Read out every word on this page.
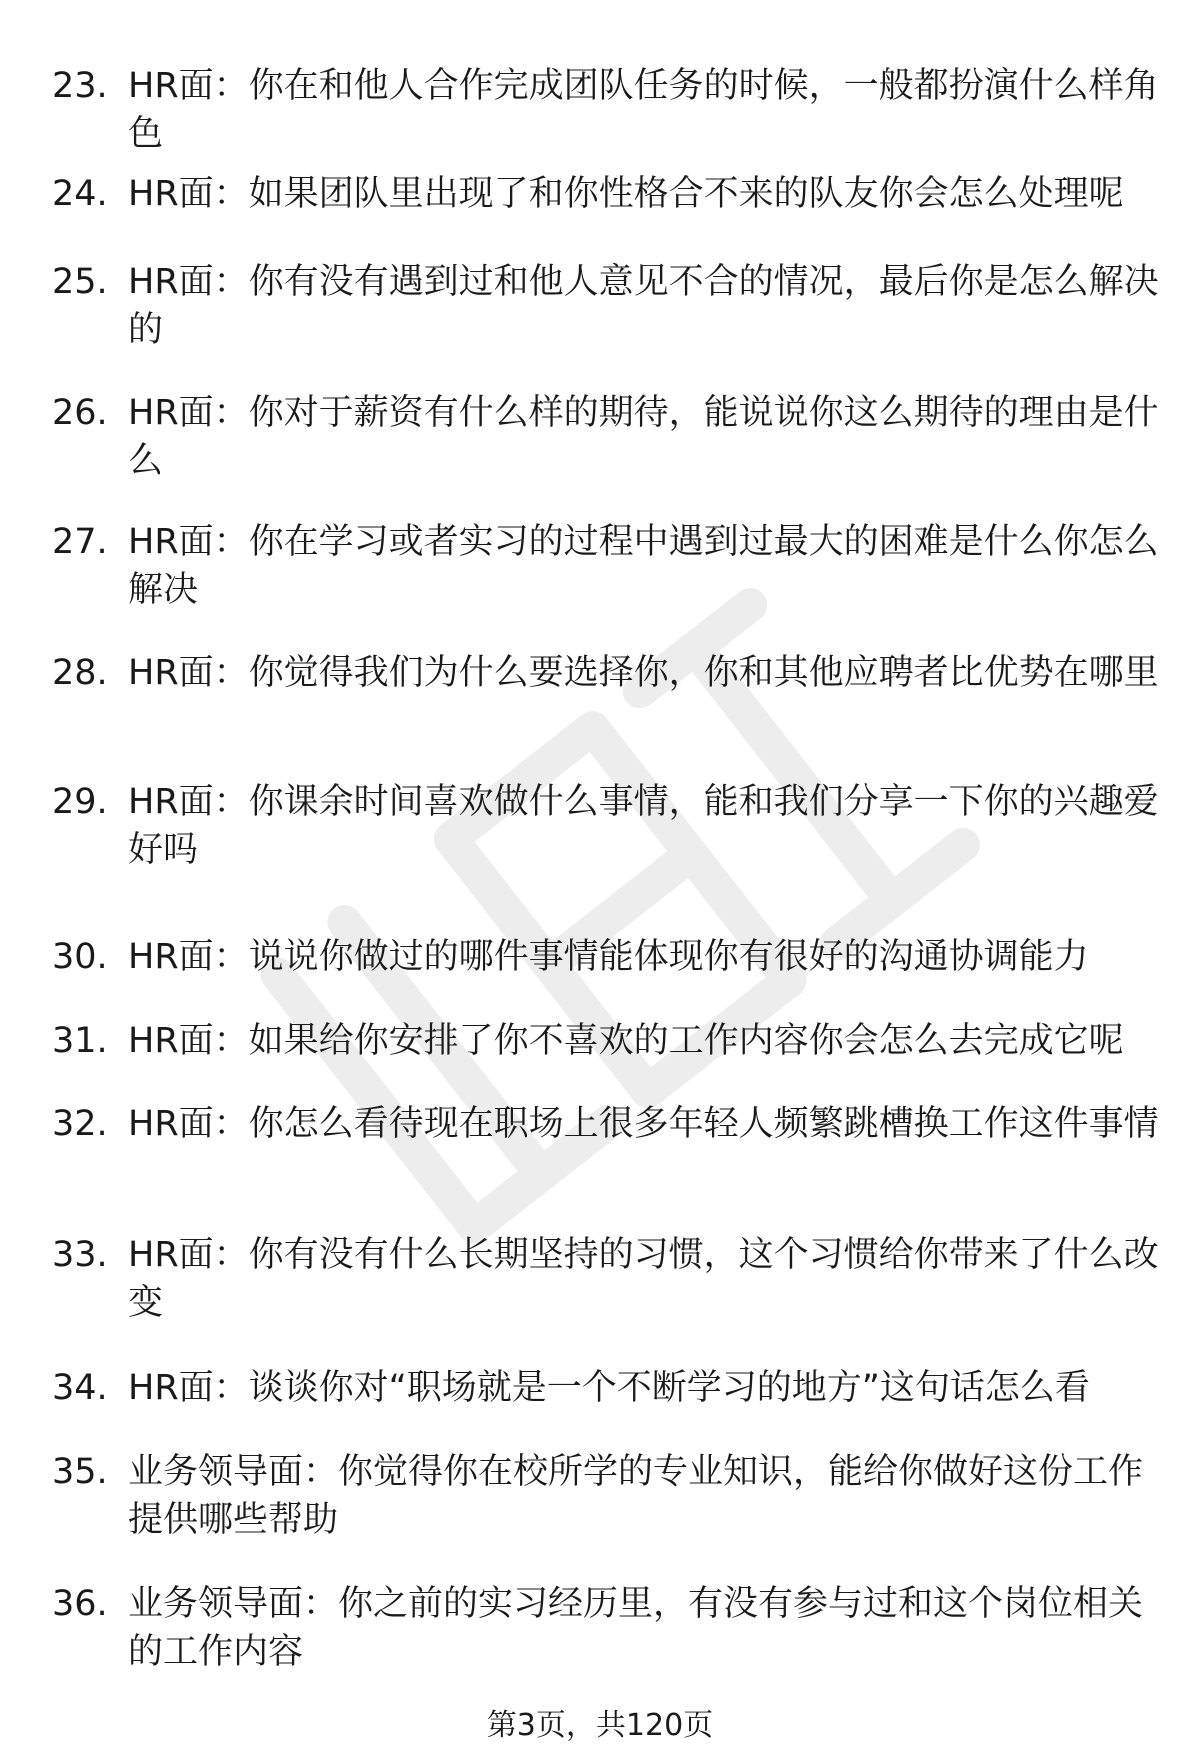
23. HR面：你在和他人合作完成团队任务的时候，一般都扮演什么样角色
24. HR面：如果团队里出现了和你性格合不来的队友你会怎么处理呢
25. HR面：你有没有遇到过和他人意见不合的情况，最后你是怎么解决的
26. HR面：你对于薪资有什么样的期待，能说说你这么期待的理由是什么
27. HR面：你在学习或者实习的过程中遇到过最大的困难是什么你怎么解决
28. HR面：你觉得我们为什么要选择你，你和其他应聘者比优势在哪里
29. HR面：你课余时间喜欢做什么事情，能和我们分享一下你的兴趣爱好吗
30. HR面：说说你做过的哪件事情能体现你有很好的沟通协调能力
31. HR面：如果给你安排了你不喜欢的工作内容你会怎么去完成它呢
32. HR面：你怎么看待现在职场上很多年轻人频繁跳槽换工作这件事情
33. HR面：你有没有什么长期坚持的习惯，这个习惯给你带来了什么改变
34. HR面：谈谈你对“职场就是一个不断学习的地方”这句话怎么看
35. 业务领导面：你觉得你在校所学的专业知识，能给你做好这份工作提供哪些帮助
36. 业务领导面：你之前的实习经历里，有没有参与过和这个岗位相关的工作内容
第3页，共120页
